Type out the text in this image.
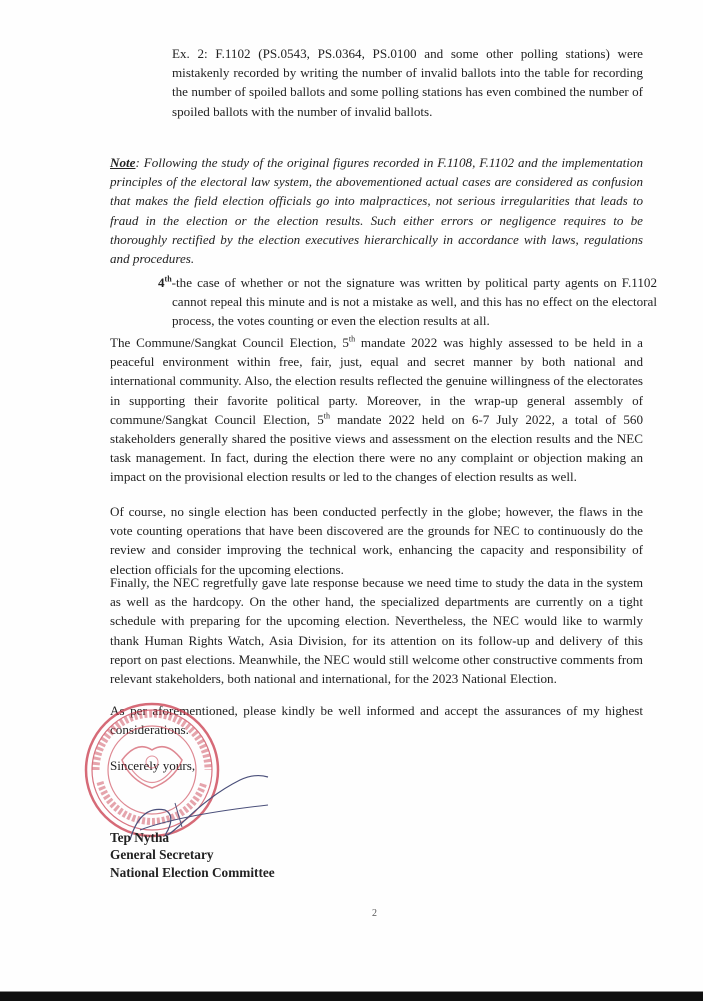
Ex. 2: F.1102 (PS.0543, PS.0364, PS.0100 and some other polling stations) were mistakenly recorded by writing the number of invalid ballots into the table for recording the number of spoiled ballots and some polling stations has even combined the number of spoiled ballots with the number of invalid ballots.

Note: Following the study of the original figures recorded in F.1108, F.1102 and the implementation principles of the electoral law system, the abovementioned actual cases are considered as confusion that makes the field election officials go into malpractices, not serious irregularities that leads to fraud in the election or the election results. Such either errors or negligence requires to be thoroughly rectified by the election executives hierarchically in accordance with laws, regulations and procedures.

4th-the case of whether or not the signature was written by political party agents on F.1102 cannot repeal this minute and is not a mistake as well, and this has no effect on the electoral process, the votes counting or even the election results at all.

The Commune/Sangkat Council Election, 5th mandate 2022 was highly assessed to be held in a peaceful environment within free, fair, just, equal and secret manner by both national and international community. Also, the election results reflected the genuine willingness of the electorates in supporting their favorite political party. Moreover, in the wrap-up general assembly of commune/Sangkat Council Election, 5th mandate 2022 held on 6-7 July 2022, a total of 560 stakeholders generally shared the positive views and assessment on the election results and the NEC task management. In fact, during the election there were no any complaint or objection making an impact on the provisional election results or led to the changes of election results as well.

Of course, no single election has been conducted perfectly in the globe; however, the flaws in the vote counting operations that have been discovered are the grounds for NEC to continuously do the review and consider improving the technical work, enhancing the capacity and responsibility of election officials for the upcoming elections.

Finally, the NEC regretfully gave late response because we need time to study the data in the system as well as the hardcopy. On the other hand, the specialized departments are currently on a tight schedule with preparing for the upcoming election. Nevertheless, the NEC would like to warmly thank Human Rights Watch, Asia Division, for its attention on its follow-up and delivery of this report on past elections. Meanwhile, the NEC would still welcome other constructive comments from relevant stakeholders, both national and international, for the 2023 National Election.

As per aforementioned, please kindly be well informed and accept the assurances of my highest considerations.

Sincerely yours,
Tep Nytha
General Secretary
National Election Committee
2
